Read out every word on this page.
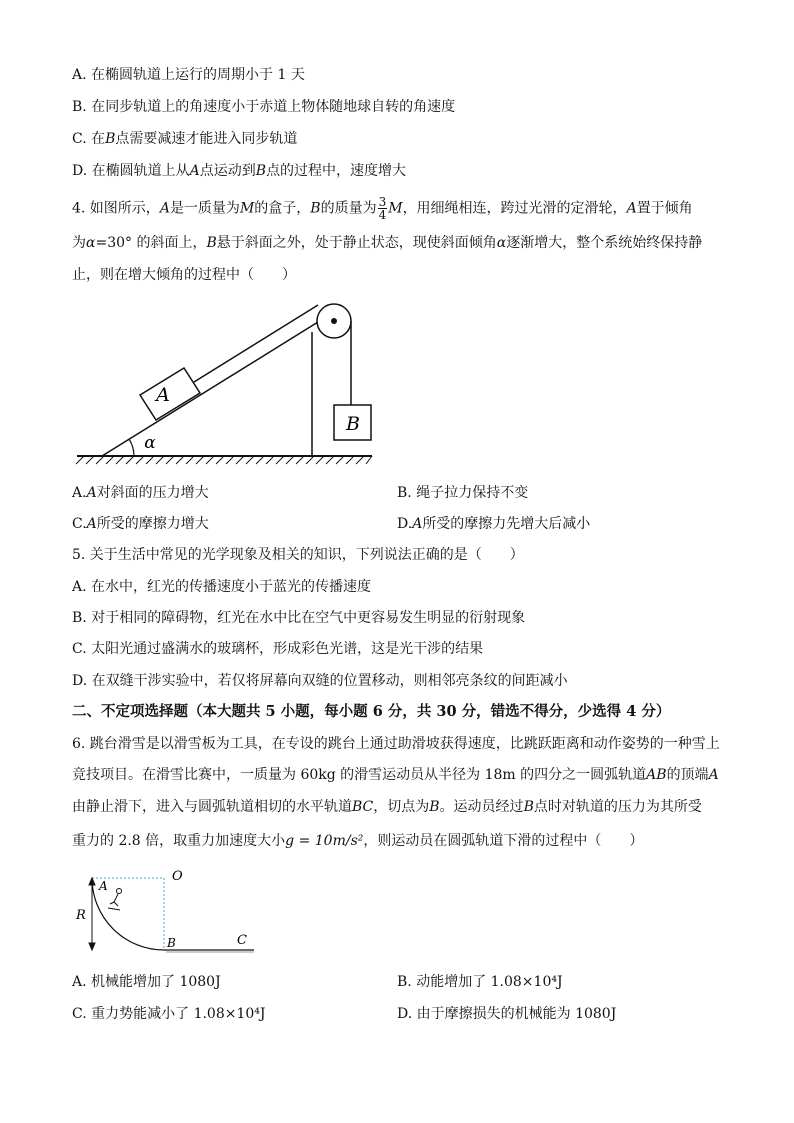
A. 在椭圆轨道上运行的周期小于 1 天
B. 在同步轨道上的角速度小于赤道上物体随地球自转的角速度
C. 在B点需要减速才能进入同步轨道
D. 在椭圆轨道上从A点运动到B点的过程中，速度增大
4. 如图所示，A是一质量为M的盒子，B的质量为 $\frac{3}{4}$ M，用细绳相连，跨过光滑的定滑轮，A置于倾角
为α=30° 的斜面上，B悬于斜面之外，处于静止状态，现使斜面倾角α逐渐增大，整个系统始终保持静
止，则在增大倾角的过程中（　　）
A
B
α
A.A对斜面的压力增大	B. 绳子拉力保持不变
C.A所受的摩擦力增大	D.A所受的摩擦力先增大后减小
5. 关于生活中常见的光学现象及相关的知识，下列说法正确的是（　　）
A. 在水中，红光的传播速度小于蓝光的传播速度
B. 对于相同的障碍物，红光在水中比在空气中更容易发生明显的衍射现象
C. 太阳光通过盛满水的玻璃杯，形成彩色光谱，这是光干涉的结果
D. 在双缝干涉实验中，若仅将屏幕向双缝的位置移动，则相邻亮条纹的间距减小
二、不定项选择题（本大题共 5 小题，每小题 6 分，共 30 分，错选不得分，少选得 4 分）
6. 跳台滑雪是以滑雪板为工具，在专设的跳台上通过助滑坡获得速度，比跳跃距离和动作姿势的一种雪上
竞技项目。在滑雪比赛中，一质量为 60kg 的滑雪运动员从半径为 18m 的四分之一圆弧轨道AB的顶端A
由静止滑下，进入与圆弧轨道相切的水平轨道BC，切点为B。运动员经过B点时对轨道的压力为其所受
重力的 2.8 倍，取重力加速度大小g = 10m/s²，则运动员在圆弧轨道下滑的过程中（　　）
O
A
R
B	C
A. 机械能增加了 1080J	B. 动能增加了 1.08×10⁴J
C. 重力势能减小了 1.08×10⁴J	D. 由于摩擦损失的机械能为 1080J
